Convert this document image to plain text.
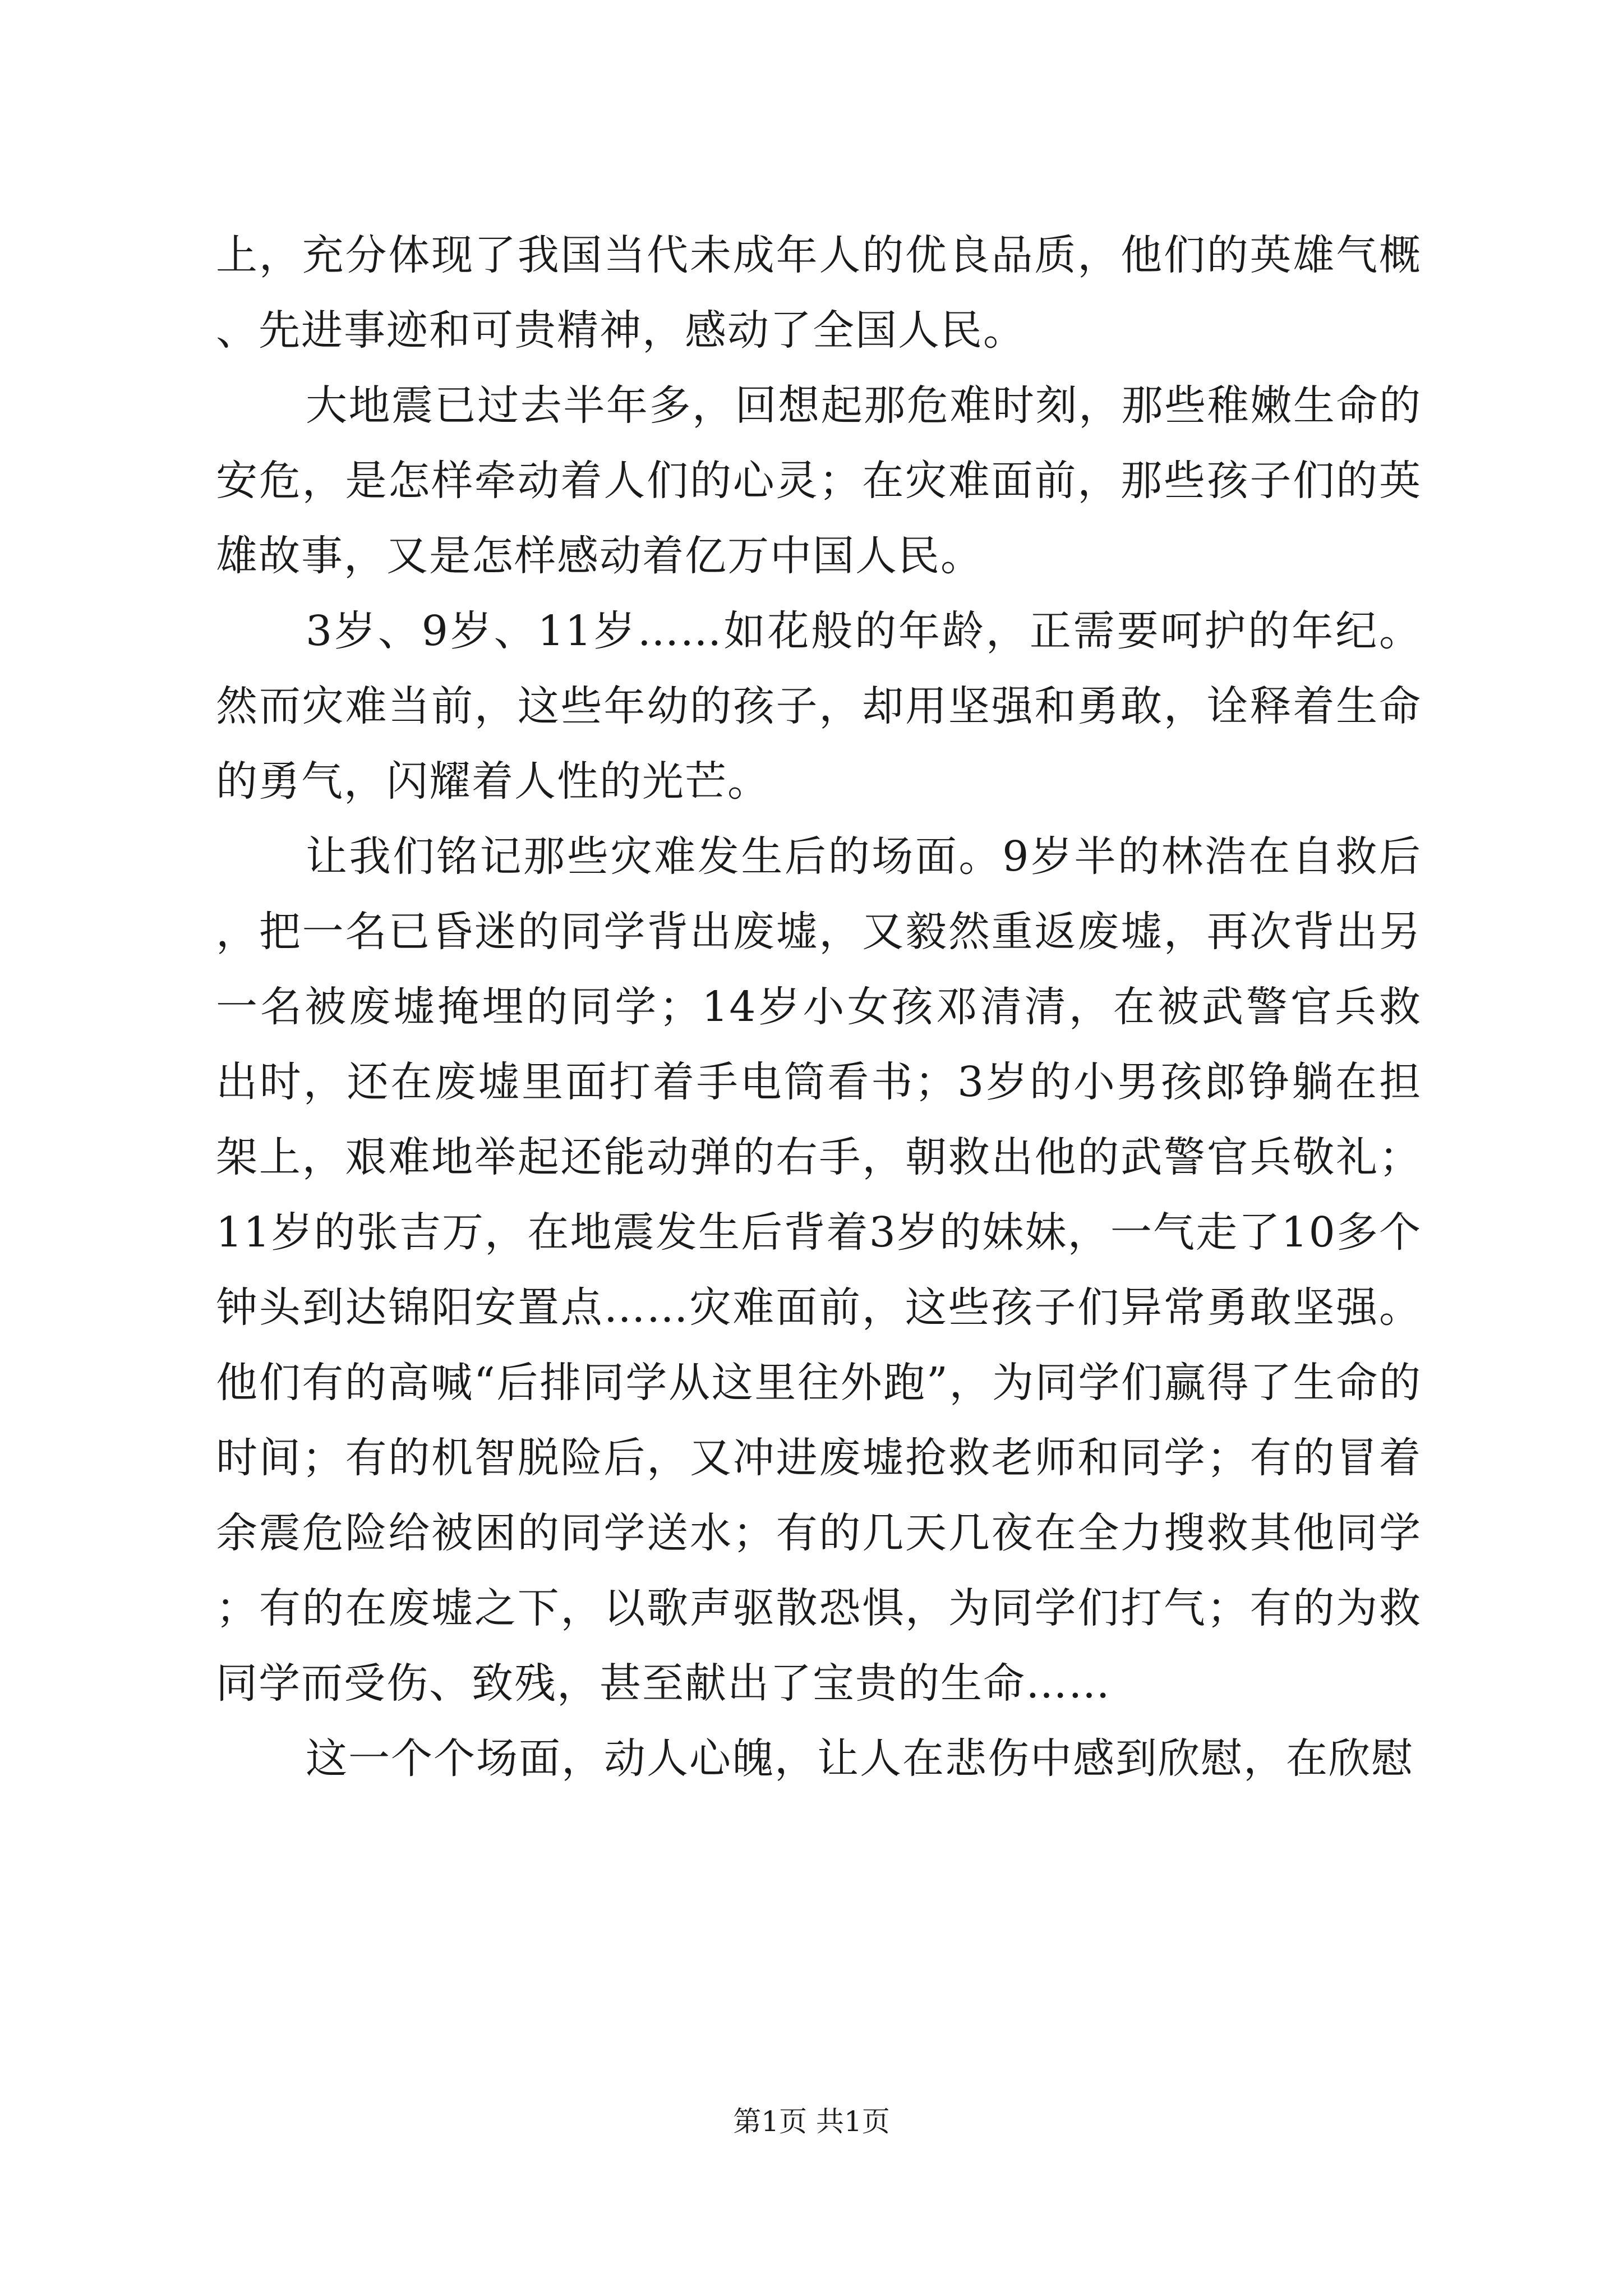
上，充分体现了我国当代未成年人的优良品质，他们的英雄气概、先进事迹和可贵精神，感动了全国人民。

大地震已过去半年多，回想起那危难时刻，那些稚嫩生命的安危，是怎样牵动着人们的心灵；在灾难面前，那些孩子们的英雄故事，又是怎样感动着亿万中国人民。

3岁、9岁、11岁……如花般的年龄，正需要呵护的年纪。然而灾难当前，这些年幼的孩子，却用坚强和勇敢，诠释着生命的勇气，闪耀着人性的光芒。

让我们铭记那些灾难发生后的场面。9岁半的林浩在自救后，把一名已昏迷的同学背出废墟，又毅然重返废墟，再次背出另一名被废墟掩埋的同学；14岁小女孩邓清清，在被武警官兵救出时，还在废墟里面打着手电筒看书；3岁的小男孩郎铮躺在担架上，艰难地举起还能动弹的右手，朝救出他的武警官兵敬礼；11岁的张吉万，在地震发生后背着3岁的妹妹，一气走了10多个钟头到达锦阳安置点……灾难面前，这些孩子们异常勇敢坚强。他们有的高喊“后排同学从这里往外跑”，为同学们赢得了生命的时间；有的机智脱险后，又冲进废墟抢救老师和同学；有的冒着余震危险给被困的同学送水；有的几天几夜在全力搜救其他同学；有的在废墟之下，以歌声驱散恐惧，为同学们打气；有的为救同学而受伤、致残，甚至献出了宝贵的生命……

这一个个场面，动人心魄，让人在悲伤中感到欣慰，在欣慰

第1页 共1页
